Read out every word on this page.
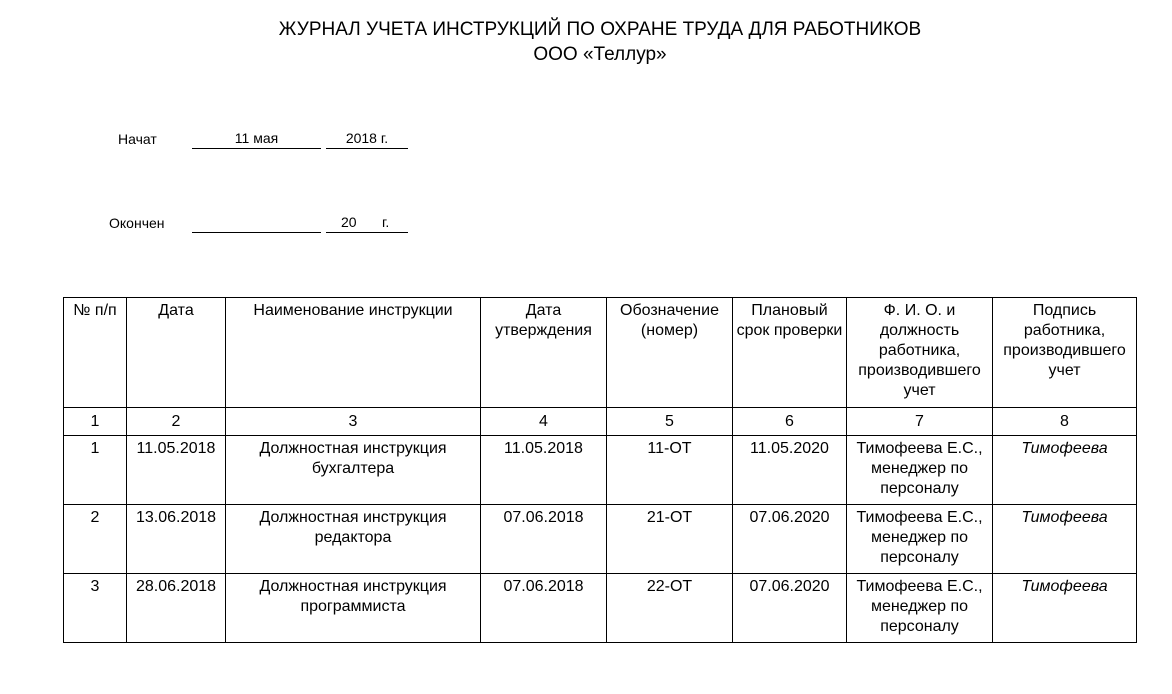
ЖУРНАЛ УЧЕТА ИНСТРУКЦИЙ ПО ОХРАНЕ ТРУДА ДЛЯ РАБОТНИКОВ
ООО «Теллур»
Начат	11 мая	2018 г.
Окончен	20 г.
№ п/п	Дата	Наименование инструкции	Дата утверждения	Обозначение (номер)	Плановый срок проверки	Ф. И. О. и должность работника, производившего учет	Подпись работника, производившего учет
1	2	3	4	5	6	7	8
1	11.05.2018	Должностная инструкция бухгалтера	11.05.2018	11-ОТ	11.05.2020	Тимофеева Е.С., менеджер по персоналу	Тимофеева
2	13.06.2018	Должностная инструкция редактора	07.06.2018	21-ОТ	07.06.2020	Тимофеева Е.С., менеджер по персоналу	Тимофеева
3	28.06.2018	Должностная инструкция программиста	07.06.2018	22-ОТ	07.06.2020	Тимофеева Е.С., менеджер по персоналу	Тимофеева
